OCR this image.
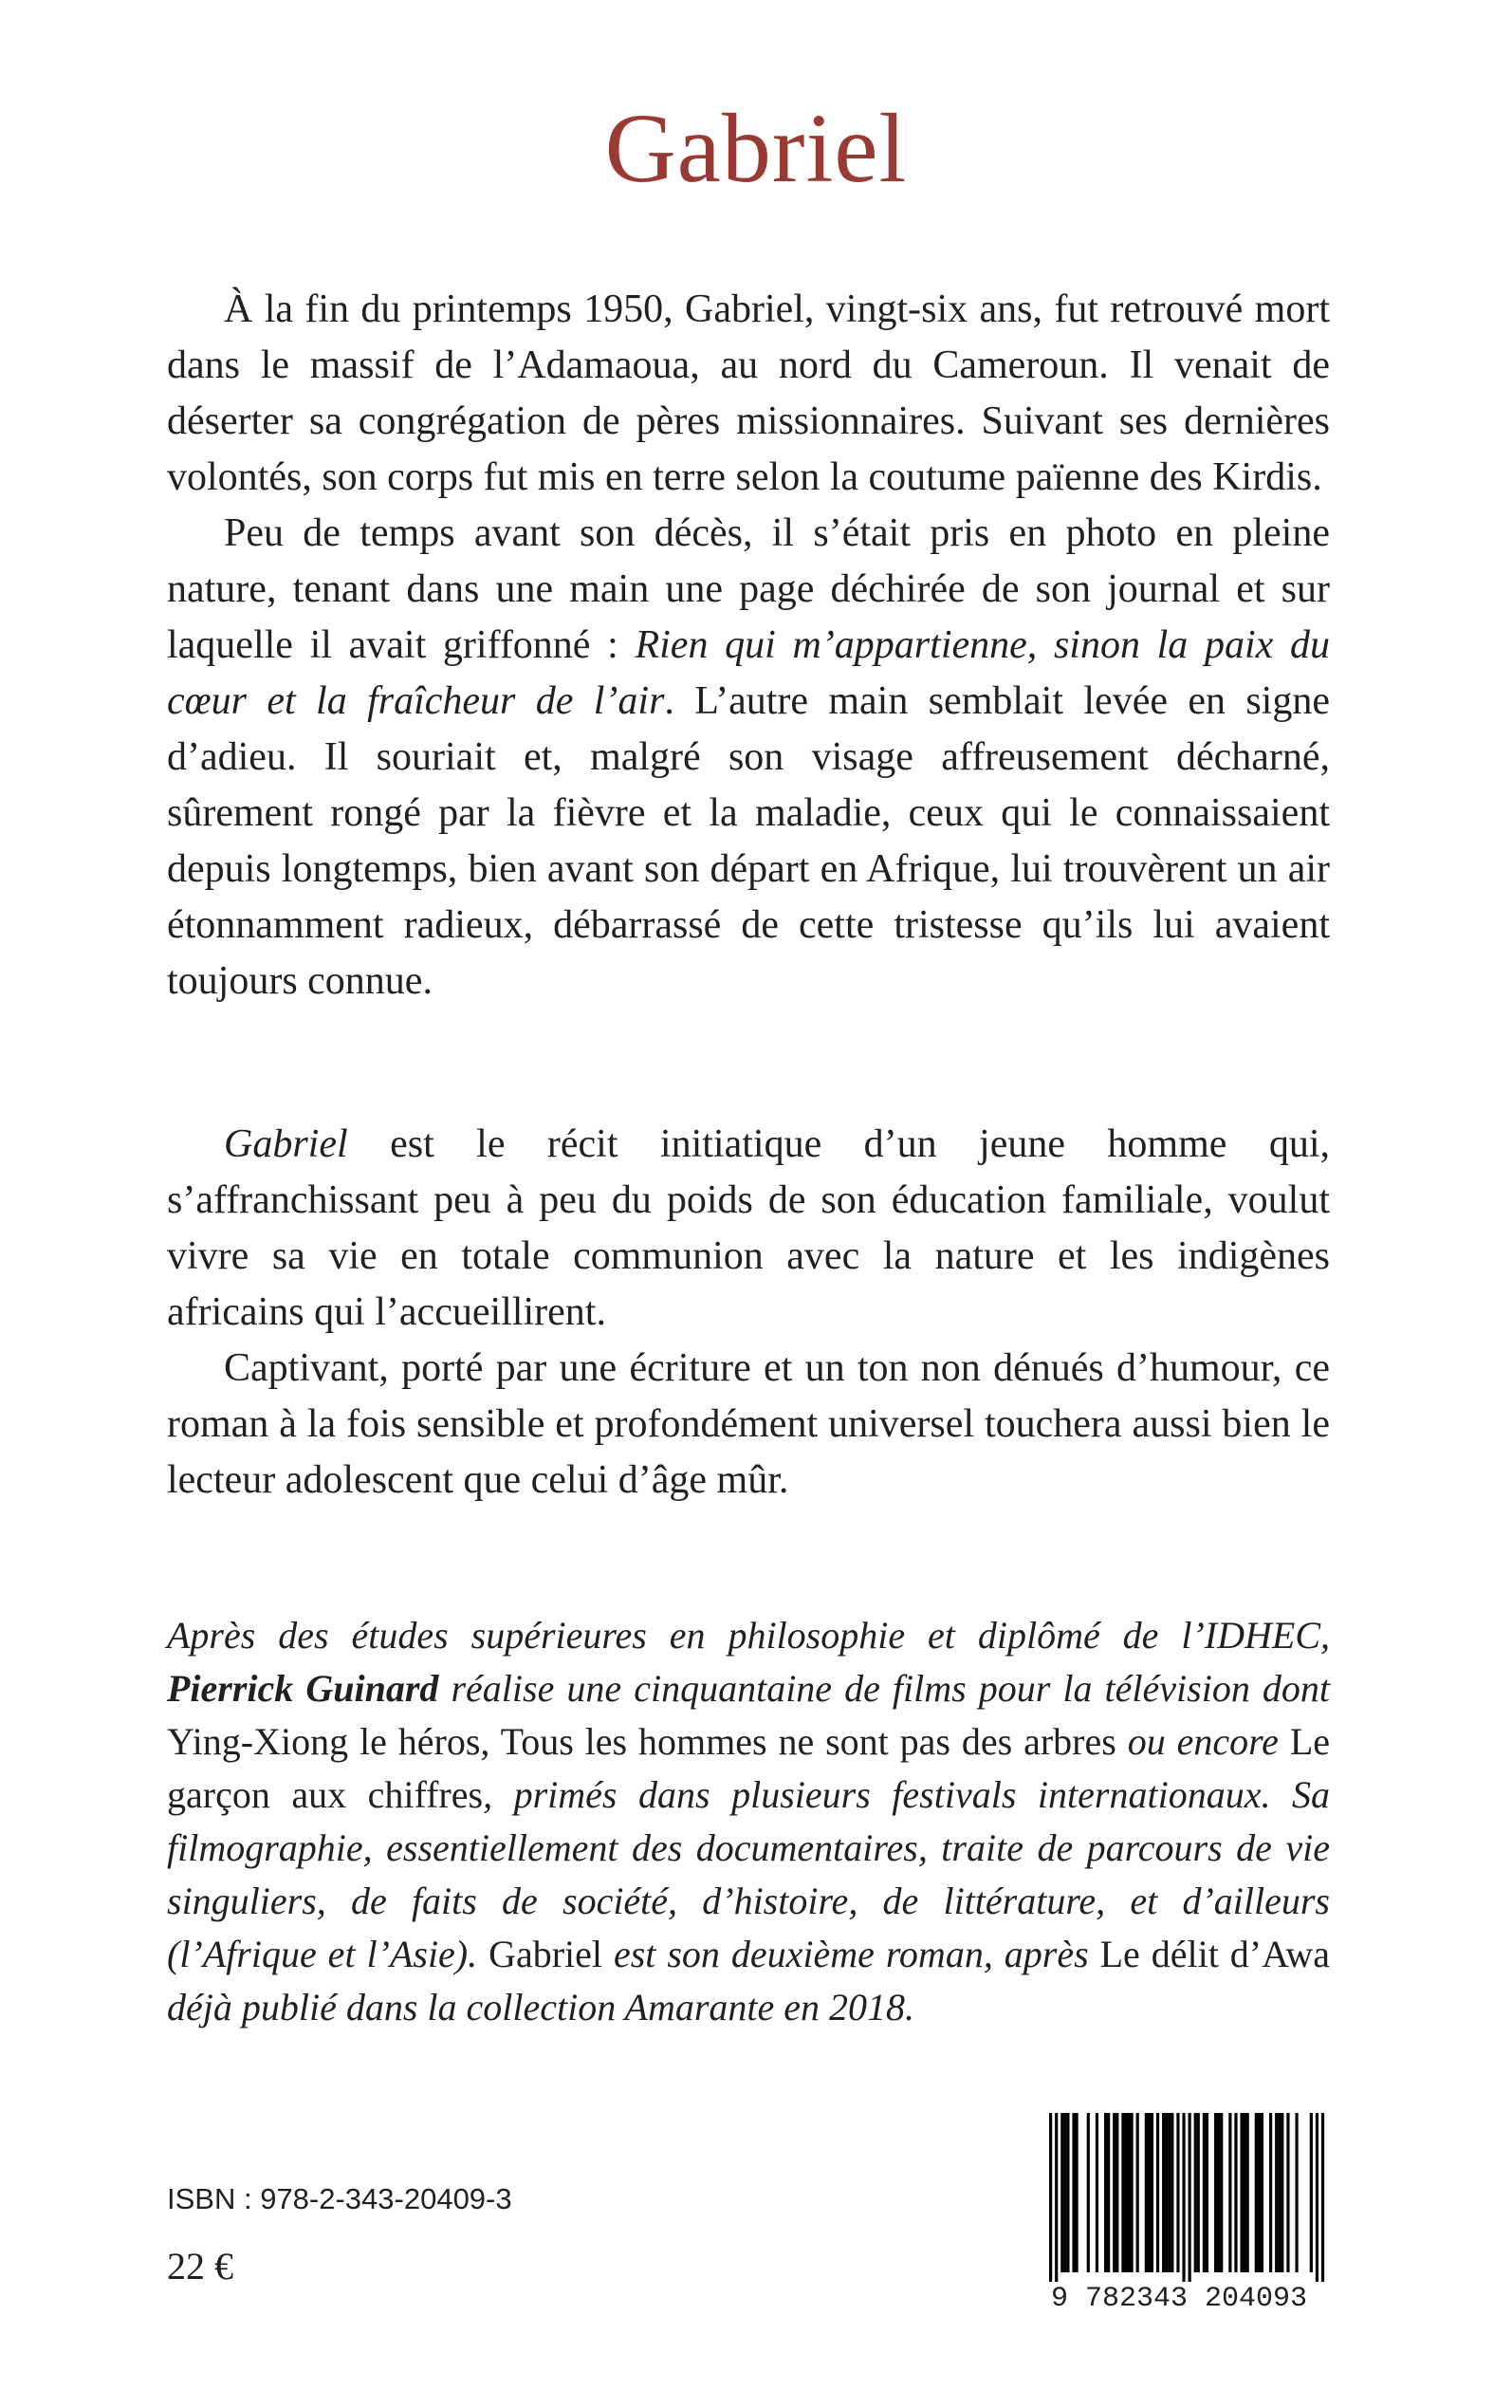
Gabriel

À la fin du printemps 1950, Gabriel, vingt-six ans, fut retrouvé mort dans le massif de l’Adamaoua, au nord du Cameroun. Il venait de déserter sa congrégation de pères missionnaires. Suivant ses dernières volontés, son corps fut mis en terre selon la coutume païenne des Kirdis.

Peu de temps avant son décès, il s’était pris en photo en pleine nature, tenant dans une main une page déchirée de son journal et sur laquelle il avait griffonné : Rien qui m’appartienne, sinon la paix du cœur et la fraîcheur de l’air. L’autre main semblait levée en signe d’adieu. Il souriait et, malgré son visage affreusement décharné, sûrement rongé par la fièvre et la maladie, ceux qui le connaissaient depuis longtemps, bien avant son départ en Afrique, lui trouvèrent un air étonnamment radieux, débarrassé de cette tristesse qu’ils lui avaient toujours connue.

Gabriel est le récit initiatique d’un jeune homme qui, s’affranchissant peu à peu du poids de son éducation familiale, voulut vivre sa vie en totale communion avec la nature et les indigènes africains qui l’accueillirent.

Captivant, porté par une écriture et un ton non dénués d’humour, ce roman à la fois sensible et profondément universel touchera aussi bien le lecteur adolescent que celui d’âge mûr.

Après des études supérieures en philosophie et diplômé de l’IDHEC, Pierrick Guinard réalise une cinquantaine de films pour la télévision dont Ying-Xiong le héros, Tous les hommes ne sont pas des arbres ou encore Le garçon aux chiffres, primés dans plusieurs festivals internationaux. Sa filmographie, essentiellement des documentaires, traite de parcours de vie singuliers, de faits de société, d’histoire, de littérature, et d’ailleurs (l’Afrique et l’Asie). Gabriel est son deuxième roman, après Le délit d’Awa déjà publié dans la collection Amarante en 2018.

ISBN : 978-2-343-20409-3

22 €

9 782343 204093
